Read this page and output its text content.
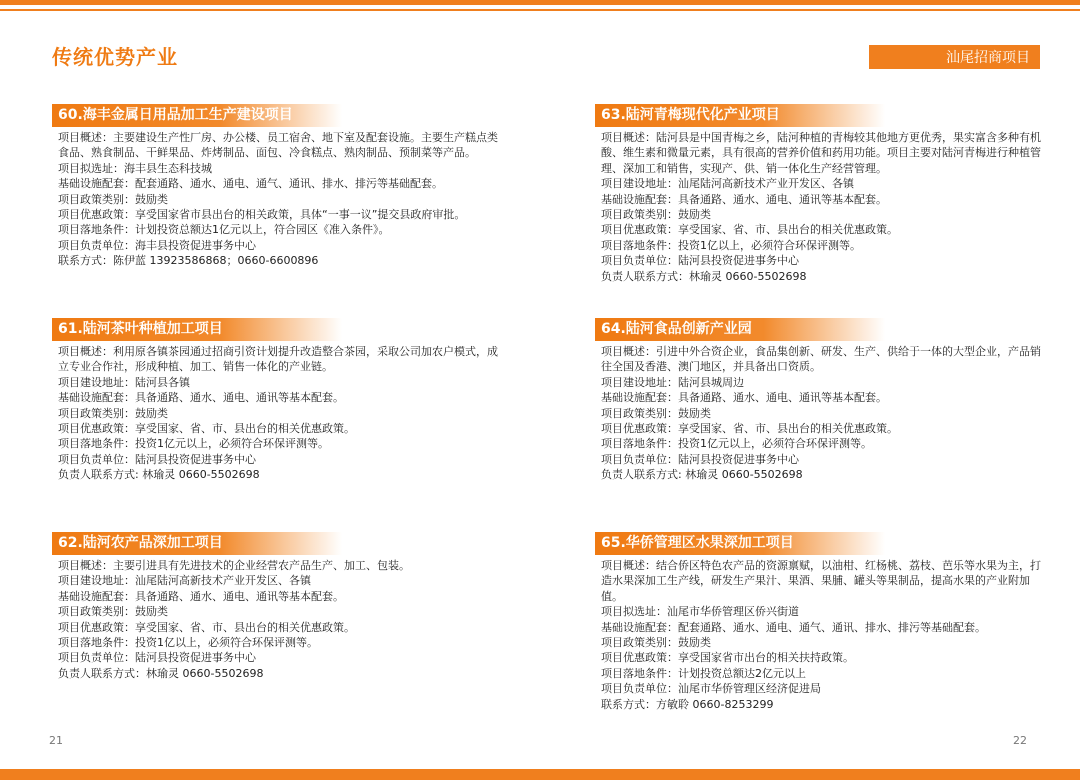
传统优势产业	汕尾招商项目
60.海丰金属日用品加工生产建设项目
项目概述：主要建设生产性厂房、办公楼、员工宿舍、地下室及配套设施。主要生产糕点类食品、熟食制品、干鲜果品、炸烤制品、面包、冷食糕点、熟肉制品、预制菜等产品。
项目拟选址：海丰县生态科技城
基础设施配套：配套通路、通水、通电、通气、通讯、排水、排污等基础配套。
项目政策类别：鼓励类
项目优惠政策：享受国家省市县出台的相关政策，具体“一事一议”提交县政府审批。
项目落地条件：计划投资总额达1亿元以上，符合园区《准入条件》。
项目负责单位：海丰县投资促进事务中心
联系方式：陈伊蓝 13923586868；0660-6600896
61.陆河茶叶种植加工项目
项目概述：利用原各镇茶园通过招商引资计划提升改造整合茶园，采取公司加农户模式，成立专业合作社，形成种植、加工、销售一体化的产业链。
项目建设地址：陆河县各镇
基础设施配套：具备通路、通水、通电、通讯等基本配套。
项目政策类别：鼓励类
项目优惠政策：享受国家、省、市、县出台的相关优惠政策。
项目落地条件：投资1亿元以上，必须符合环保评测等。
项目负责单位：陆河县投资促进事务中心
负责人联系方式: 林瑜灵 0660-5502698
62.陆河农产品深加工项目
项目概述：主要引进具有先进技术的企业经营农产品生产、加工、包装。
项目建设地址：汕尾陆河高新技术产业开发区、各镇
基础设施配套：具备通路、通水、通电、通讯等基本配套。
项目政策类别：鼓励类
项目优惠政策：享受国家、省、市、县出台的相关优惠政策。
项目落地条件：投资1亿以上，必须符合环保评测等。
项目负责单位：陆河县投资促进事务中心
负责人联系方式：林瑜灵 0660-5502698
63.陆河青梅现代化产业项目
项目概述：陆河县是中国青梅之乡，陆河种植的青梅较其他地方更优秀，果实富含多种有机酸、维生素和微量元素，具有很高的营养价值和药用功能。项目主要对陆河青梅进行种植管理、深加工和销售，实现产、供、销一体化生产经营管理。
项目建设地址：汕尾陆河高新技术产业开发区、各镇
基础设施配套：具备通路、通水、通电、通讯等基本配套。
项目政策类别：鼓励类
项目优惠政策：享受国家、省、市、县出台的相关优惠政策。
项目落地条件：投资1亿以上，必须符合环保评测等。
项目负责单位：陆河县投资促进事务中心
负责人联系方式：林瑜灵 0660-5502698
64.陆河食品创新产业园
项目概述：引进中外合资企业，食品集创新、研发、生产、供给于一体的大型企业，产品销往全国及香港、澳门地区，并具备出口资质。
项目建设地址：陆河县城周边
基础设施配套：具备通路、通水、通电、通讯等基本配套。
项目政策类别：鼓励类
项目优惠政策：享受国家、省、市、县出台的相关优惠政策。
项目落地条件：投资1亿元以上，必须符合环保评测等。
项目负责单位：陆河县投资促进事务中心
负责人联系方式: 林瑜灵 0660-5502698
65.华侨管理区水果深加工项目
项目概述：结合侨区特色农产品的资源禀赋，以油柑、红杨桃、荔枝、芭乐等水果为主，打造水果深加工生产线，研发生产果汁、果酒、果脯、罐头等果制品，提高水果的产业附加值。
项目拟选址：汕尾市华侨管理区侨兴街道
基础设施配套：配套通路、通水、通电、通气、通讯、排水、排污等基础配套。
项目政策类别：鼓励类
项目优惠政策：享受国家省市出台的相关扶持政策。
项目落地条件：计划投资总额达2亿元以上
项目负责单位：汕尾市华侨管理区经济促进局
联系方式：方敏聆 0660-8253299
21	22
